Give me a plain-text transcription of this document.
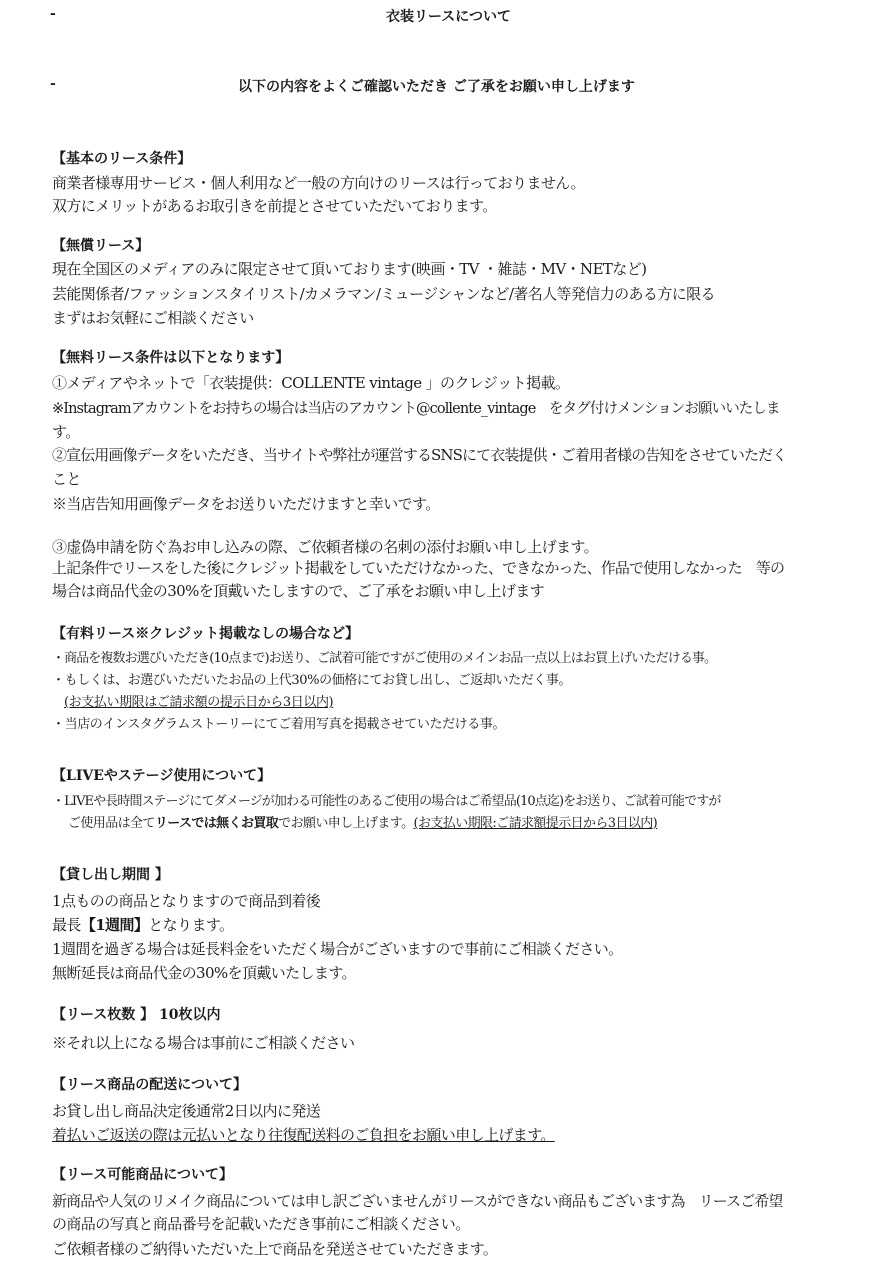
-	衣装リースについて
-	以下の内容をよくご確認いただき ご了承をお願い申し上げます
【基本のリース条件】
商業者様専用サービス・個人利用など一般の方向けのリースは行っておりません。
双方にメリットがあるお取引きを前提とさせていただいております。
【無償リース】
現在全国区のメディアのみに限定させて頂いております(映画・TV ・雑誌・MV・NETなど)
芸能関係者/ファッションスタイリスト/カメラマン/ミュージシャンなど/著名人等発信力のある方に限る
まずはお気軽にご相談ください
【無料リース条件は以下となります】
①メディアやネットで「衣装提供：COLLENTE vintage 」のクレジット掲載。
※Instagramアカウントをお持ちの場合は当店のアカウント@collente_vintage　をタグ付けメンションお願いいたしま
す。
②宣伝用画像データをいただき、当サイトや弊社が運営するSNSにて衣装提供・ご着用者様の告知をさせていただく
こと
※当店告知用画像データをお送りいただけますと幸いです。
③虚偽申請を防ぐ為お申し込みの際、ご依頼者様の名刺の添付お願い申し上げます。
上記条件でリースをした後にクレジット掲載をしていただけなかった、できなかった、作品で使用しなかった　等の
場合は商品代金の30%を頂戴いたしますので、ご了承をお願い申し上げます
【有料リース※クレジット掲載なしの場合など】
・商品を複数お選びいただき(10点まで)お送り、ご試着可能ですがご使用のメインお品一点以上はお買上げいただける事。
・もしくは、お選びいただいたお品の上代30%の価格にてお貸し出し、ご返却いただく事。
(お支払い期限はご請求額の提示日から3日以内)
・当店のインスタグラムストーリーにてご着用写真を掲載させていただける事。
【LIVEやステージ使用について】
・LIVEや長時間ステージにてダメージが加わる可能性のあるご使用の場合はご希望品(10点迄)をお送り、ご試着可能ですが
ご使用品は全てリースでは無くお買取でお願い申し上げます。(お支払い期限:ご請求額提示日から3日以内)
【貸し出し期間 】
1点ものの商品となりますので商品到着後
最長【1週間】となります。
1週間を過ぎる場合は延長料金をいただく場合がございますので事前にご相談ください。
無断延長は商品代金の30%を頂戴いたします。
【リース枚数 】 10枚以内
※それ以上になる場合は事前にご相談ください
【リース商品の配送について】
お貸し出し商品決定後通常2日以内に発送
着払いご返送の際は元払いとなり往復配送料のご負担をお願い申し上げます。
【リース可能商品について】
新商品や人気のリメイク商品については申し訳ございませんがリースができない商品もございます為　リースご希望
の商品の写真と商品番号を記載いただき事前にご相談ください。
ご依頼者様のご納得いただいた上で商品を発送させていただきます。
